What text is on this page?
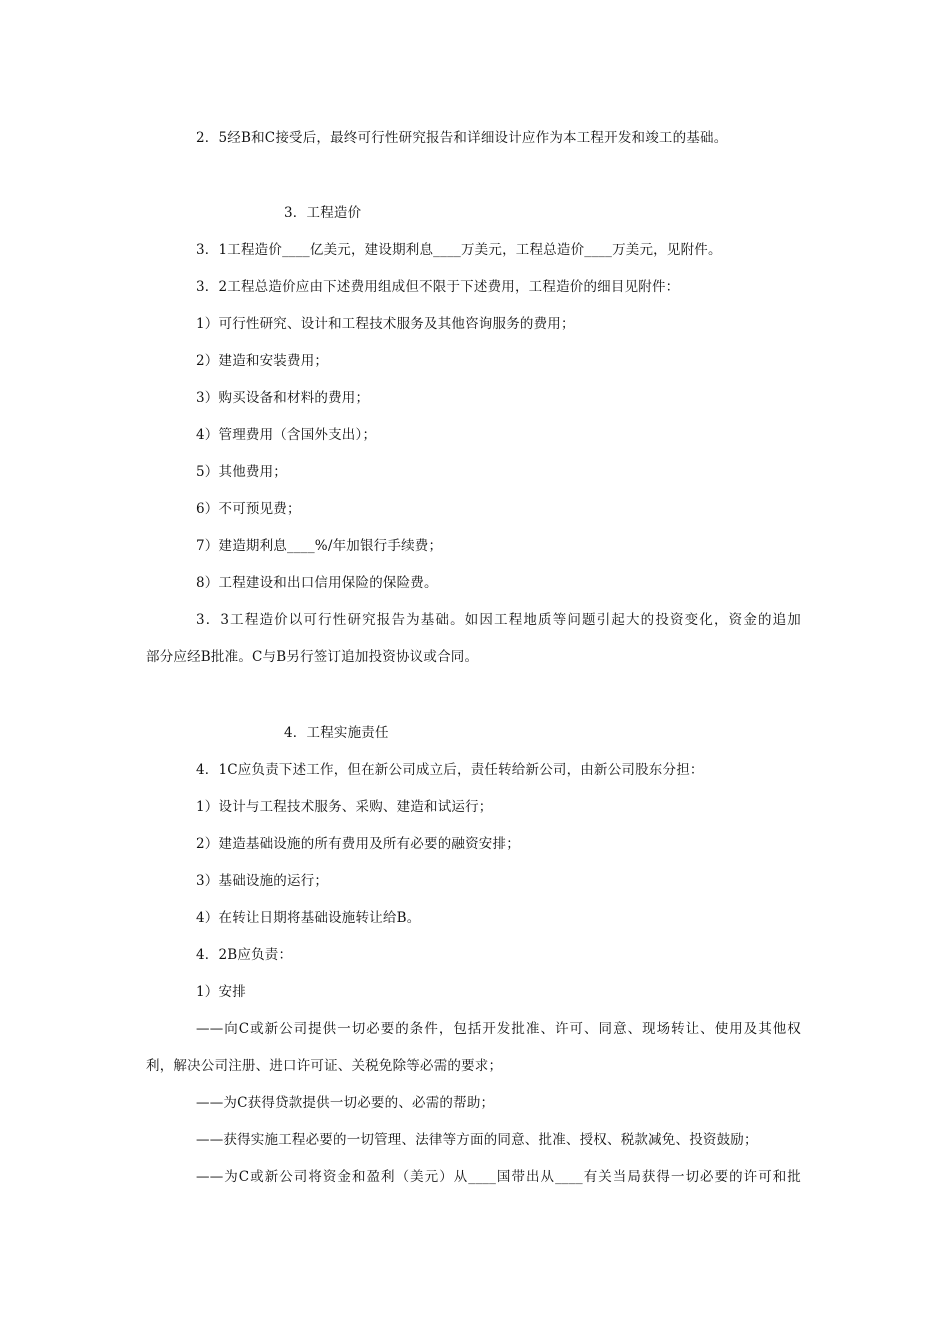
2．5经B和C接受后，最终可行性研究报告和详细设计应作为本工程开发和竣工的基础。
3．工程造价
3．1工程造价____亿美元，建设期利息____万美元，工程总造价____万美元，见附件。
3．2工程总造价应由下述费用组成但不限于下述费用，工程造价的细目见附件：
1）可行性研究、设计和工程技术服务及其他咨询服务的费用；
2）建造和安装费用；
3）购买设备和材料的费用；
4）管理费用（含国外支出）；
5）其他费用；
6）不可预见费；
7）建造期利息____%/年加银行手续费；
8）工程建设和出口信用保险的保险费。
3．3工程造价以可行性研究报告为基础。如因工程地质等问题引起大的投资变化，资金的追加
部分应经B批准。C与B另行签订追加投资协议或合同。
4．工程实施责任
4．1C应负责下述工作，但在新公司成立后，责任转给新公司，由新公司股东分担：
1）设计与工程技术服务、采购、建造和试运行；
2）建造基础设施的所有费用及所有必要的融资安排；
3）基础设施的运行；
4）在转让日期将基础设施转让给B。
4．2B应负责：
1）安排
——向C或新公司提供一切必要的条件，包括开发批准、许可、同意、现场转让、使用及其他权
利，解决公司注册、进口许可证、关税免除等必需的要求；
——为C获得贷款提供一切必要的、必需的帮助；
——获得实施工程必要的一切管理、法律等方面的同意、批准、授权、税款减免、投资鼓励；
——为C或新公司将资金和盈利（美元）从____国带出从____有关当局获得一切必要的许可和批
